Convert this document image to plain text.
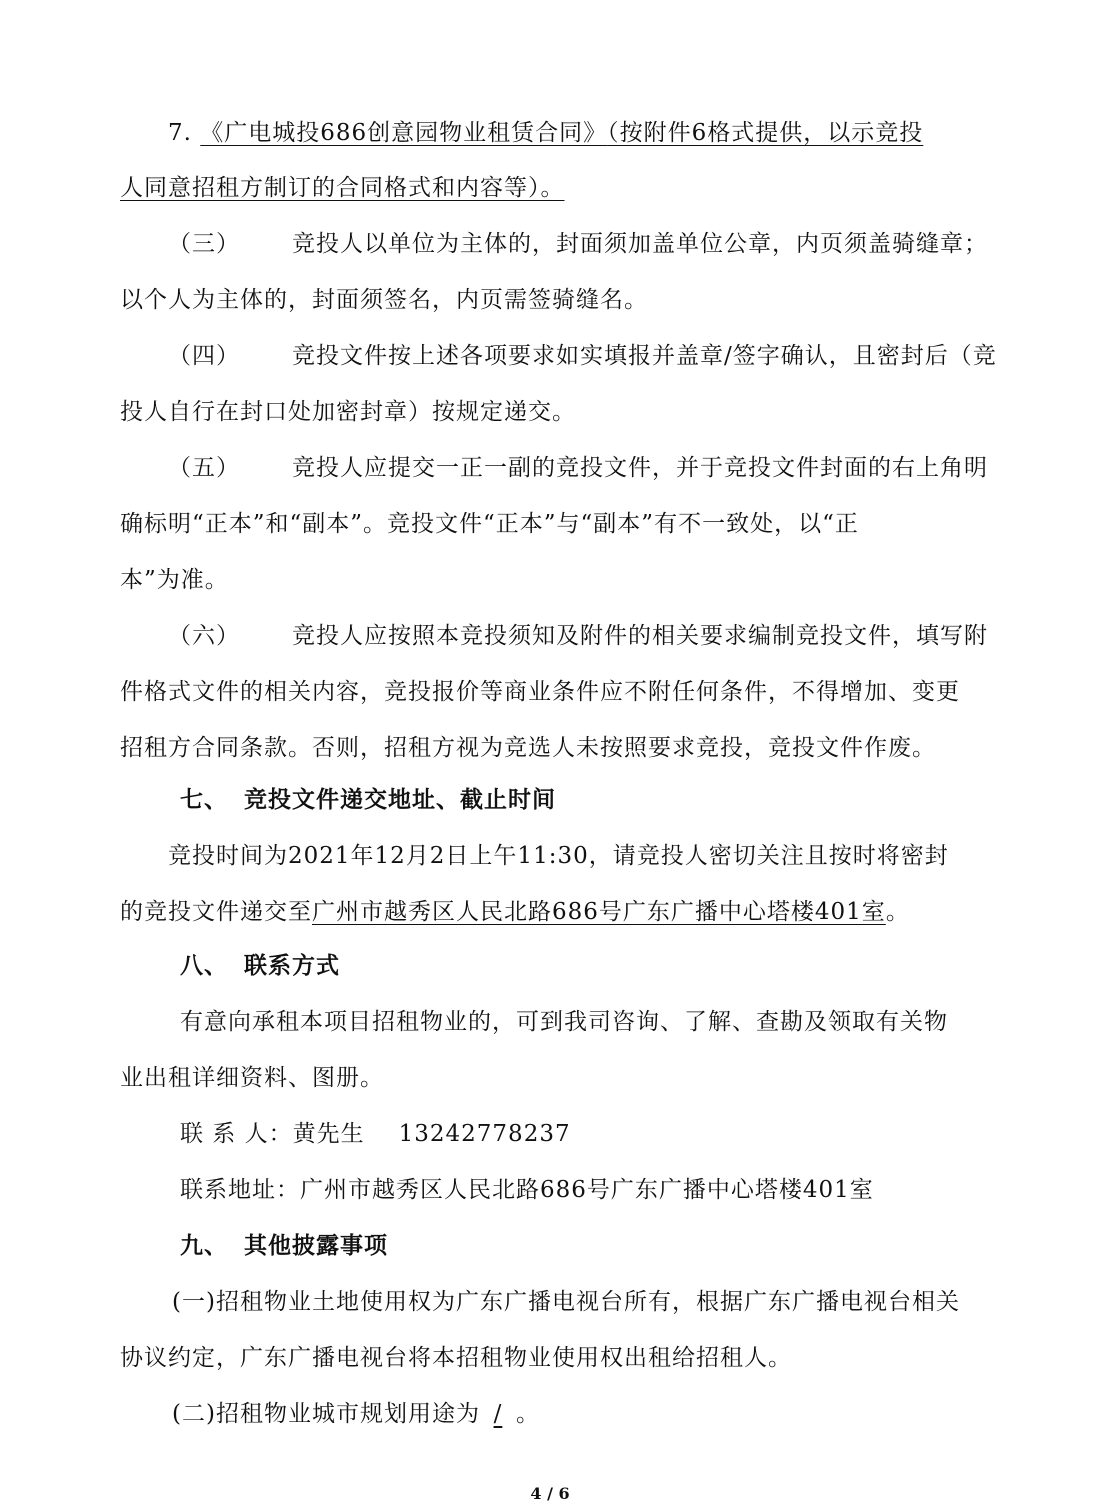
7. 《广电城投686创意园物业租赁合同》（按附件6格式提供，以示竞投

人同意招租方制订的合同格式和内容等）。

（三） 竞投人以单位为主体的，封面须加盖单位公章，内页须盖骑缝章；

以个人为主体的，封面须签名，内页需签骑缝名。

（四） 竞投文件按上述各项要求如实填报并盖章/签字确认，且密封后（竞

投人自行在封口处加密封章）按规定递交。

（五） 竞投人应提交一正一副的竞投文件，并于竞投文件封面的右上角明

确标明“正本”和“副本”。竞投文件“正本”与“副本”有不一致处，以“正

本”为准。

（六） 竞投人应按照本竞投须知及附件的相关要求编制竞投文件，填写附

件格式文件的相关内容，竞投报价等商业条件应不附任何条件，不得增加、变更

招租方合同条款。否则，招租方视为竞选人未按照要求竞投，竞投文件作废。

七、 竞投文件递交地址、截止时间

竞投时间为2021年12月2日上午11:30，请竞投人密切关注且按时将密封

的竞投文件递交至广州市越秀区人民北路686号广东广播中心塔楼401室。

八、 联系方式

有意向承租本项目招租物业的，可到我司咨询、了解、查勘及领取有关物

业出租详细资料、图册。

联 系 人：黄先生 13242778237

联系地址：广州市越秀区人民北路686号广东广播中心塔楼401室

九、 其他披露事项

(一)招租物业土地使用权为广东广播电视台所有，根据广东广播电视台相关

协议约定，广东广播电视台将本招租物业使用权出租给招租人。

(二)招租物业城市规划用途为 / 。

4 / 6
